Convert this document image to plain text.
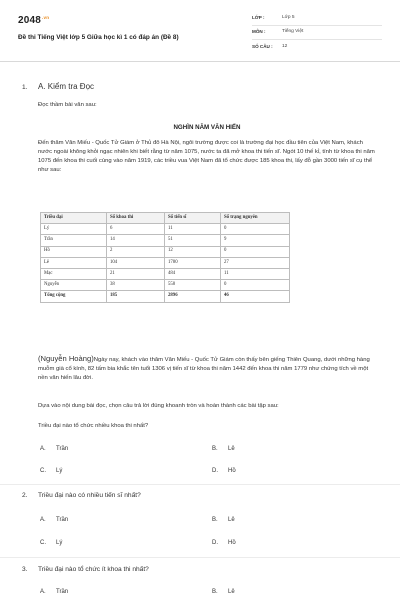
$2048^{.vn}$
Đề thi Tiếng Việt lớp 5 Giữa học kì 1 có đáp án (Đề 8)
LỚP :	Lớp 5
MÔN :	Tiếng Việt
SỐ CÂU :	12
1. A. Kiểm tra Đọc
Đọc thầm bài văn sau:
NGHÌN NĂM VĂN HIẾN
Đến thăm Văn Miếu - Quốc Tử Giám ở Thủ đô Hà Nội, ngôi trường được coi là trường đại học đầu tiên của Việt Nam, khách nước ngoài không khỏi ngạc nhiên khi biết rằng từ năm 1075, nước ta đã mở khoa thi tiến sĩ. Ngót 10 thế kỉ, tính từ khoa thi năm 1075 đến khoa thi cuối cùng vào năm 1919, các triều vua Việt Nam đã tổ chức được 185 khoa thi, lấy đỗ gần 3000 tiến sĩ cụ thể như sau:
Triều đại	Số khoa thi	Số tiến sĩ	Số trạng nguyên
Lý	6	11	0
Trần	14	51	9
Hồ	2	12	0
Lê	104	1780	27
Mạc	21	484	11
Nguyễn	38	558	0
Tổng cộng	185	2896	46
(Nguyễn Hoàng)Ngày nay, khách vào thăm Văn Miếu - Quốc Tử Giám còn thấy bên giếng Thiên Quang, dưới những hàng muỗm già cổ kính, 82 tấm bia khắc tên tuổi 1306 vị tiến sĩ từ khoa thi năm 1442 đến khoa thi năm 1779 như chứng tích về một nền văn hiến lâu đời.
Dựa vào nội dung bài đọc, chọn câu trả lời đúng khoanh tròn và hoàn thành các bài tập sau:
Triều đại nào tổ chức nhiều khoa thi nhất?
A. Trần	B. Lê
C. Lý	D. Hồ
2. Triều đại nào có nhiều tiến sĩ nhất?
A. Trần	B. Lê
C. Lý	D. Hồ
3. Triều đại nào tổ chức ít khoa thi nhất?
A. Trần	B. Lê
